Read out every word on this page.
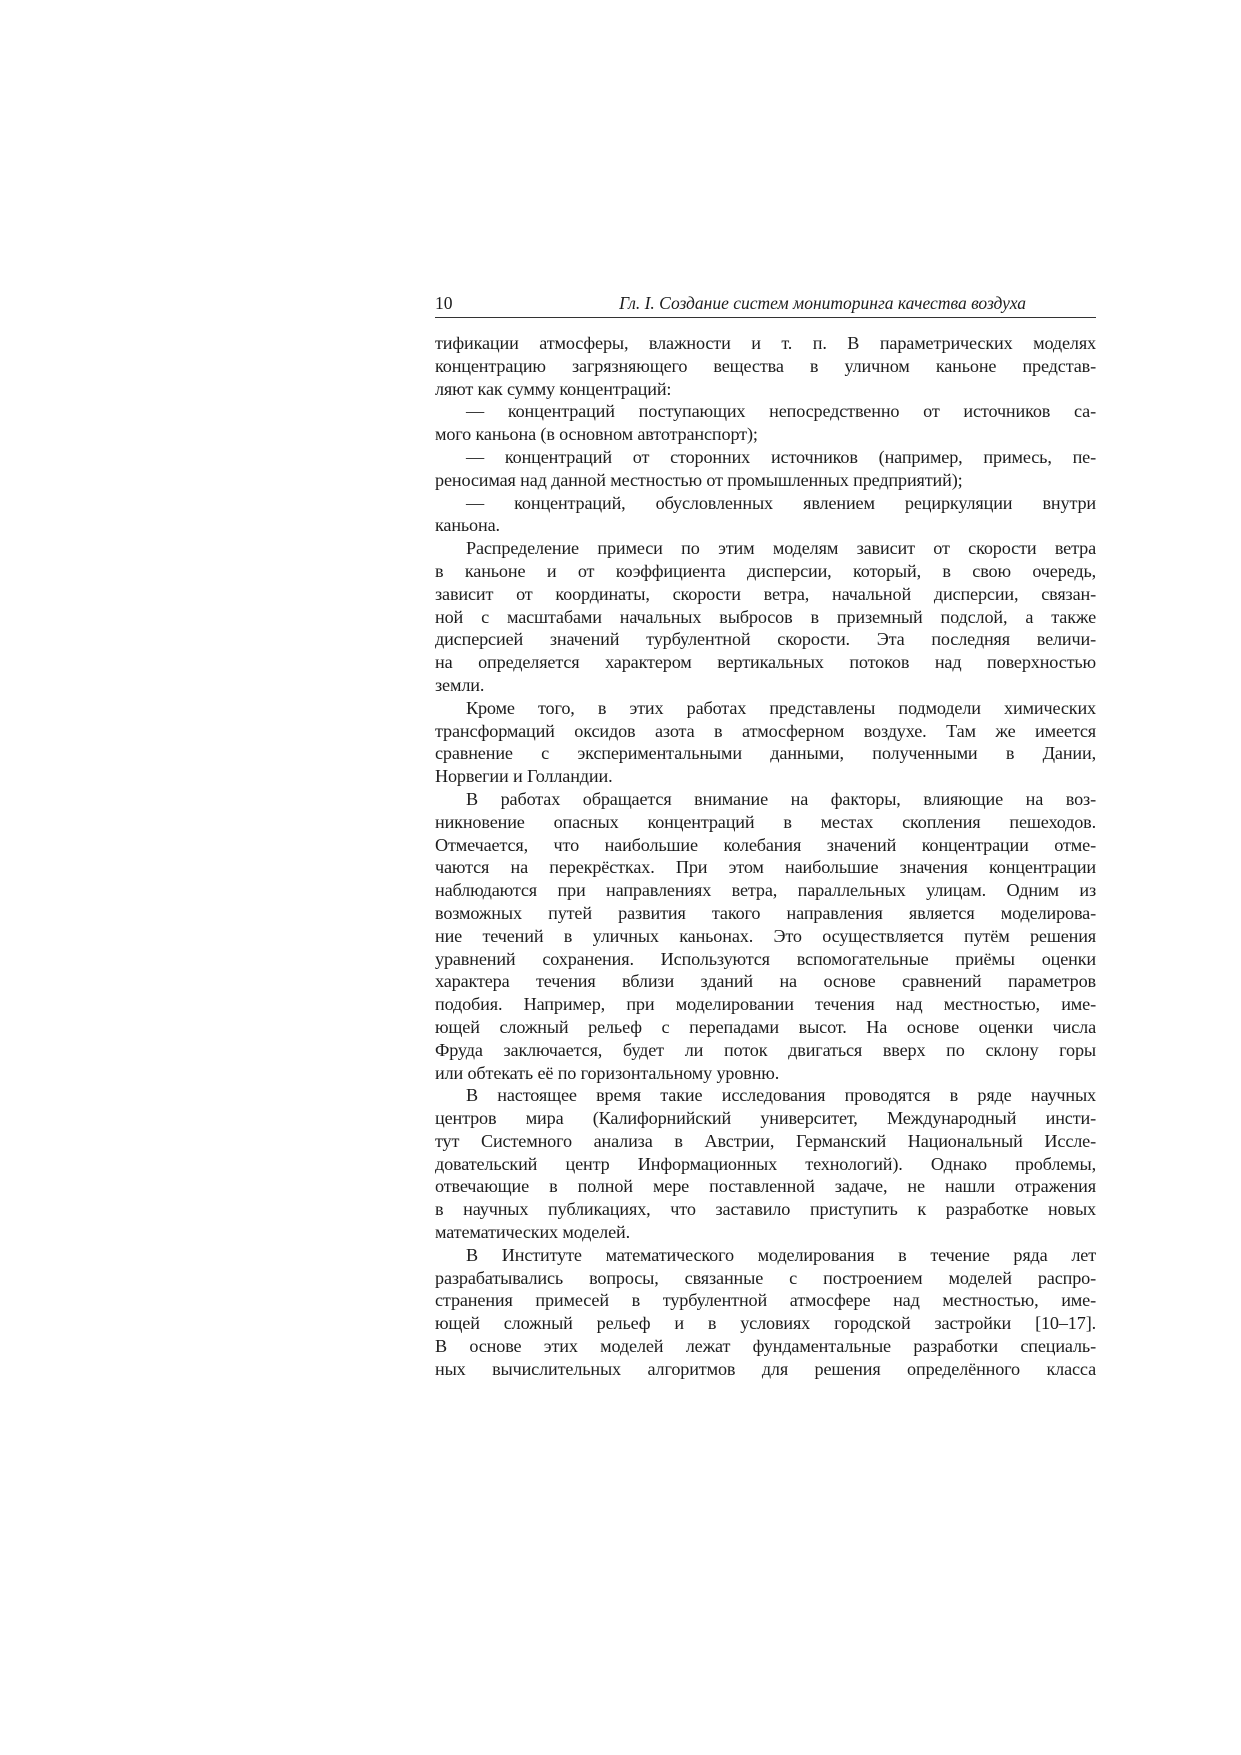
10	Гл. I. Создание систем мониторинга качества воздуха
тификации атмосферы, влажности и т. п. В параметрических моделях
концентрацию загрязняющего вещества в уличном каньоне представ-
ляют как сумму концентраций:
— концентраций поступающих непосредственно от источников са-
мого каньона (в основном автотранспорт);
— концентраций от сторонних источников (например, примесь, пе-
реносимая над данной местностью от промышленных предприятий);
— концентраций, обусловленных явлением рециркуляции внутри
каньона.
Распределение примеси по этим моделям зависит от скорости ветра
в каньоне и от коэффициента дисперсии, который, в свою очередь,
зависит от координаты, скорости ветра, начальной дисперсии, связан-
ной с масштабами начальных выбросов в приземный подслой, а также
дисперсией значений турбулентной скорости. Эта последняя величи-
на определяется характером вертикальных потоков над поверхностью
земли.
Кроме того, в этих работах представлены подмодели химических
трансформаций оксидов азота в атмосферном воздухе. Там же имеется
сравнение с экспериментальными данными, полученными в Дании,
Норвегии и Голландии.
В работах обращается внимание на факторы, влияющие на воз-
никновение опасных концентраций в местах скопления пешеходов.
Отмечается, что наибольшие колебания значений концентрации отме-
чаются на перекрёстках. При этом наибольшие значения концентрации
наблюдаются при направлениях ветра, параллельных улицам. Одним из
возможных путей развития такого направления является моделирова-
ние течений в уличных каньонах. Это осуществляется путём решения
уравнений сохранения. Используются вспомогательные приёмы оценки
характера течения вблизи зданий на основе сравнений параметров
подобия. Например, при моделировании течения над местностью, име-
ющей сложный рельеф с перепадами высот. На основе оценки числа
Фруда заключается, будет ли поток двигаться вверх по склону горы
или обтекать её по горизонтальному уровню.
В настоящее время такие исследования проводятся в ряде научных
центров мира (Калифорнийский университет, Международный инсти-
тут Системного анализа в Австрии, Германский Национальный Иссле-
довательский центр Информационных технологий). Однако проблемы,
отвечающие в полной мере поставленной задаче, не нашли отражения
в научных публикациях, что заставило приступить к разработке новых
математических моделей.
В Институте математического моделирования в течение ряда лет
разрабатывались вопросы, связанные с построением моделей распро-
странения примесей в турбулентной атмосфере над местностью, име-
ющей сложный рельеф и в условиях городской застройки [10–17].
В основе этих моделей лежат фундаментальные разработки специаль-
ных вычислительных алгоритмов для решения определённого класса
